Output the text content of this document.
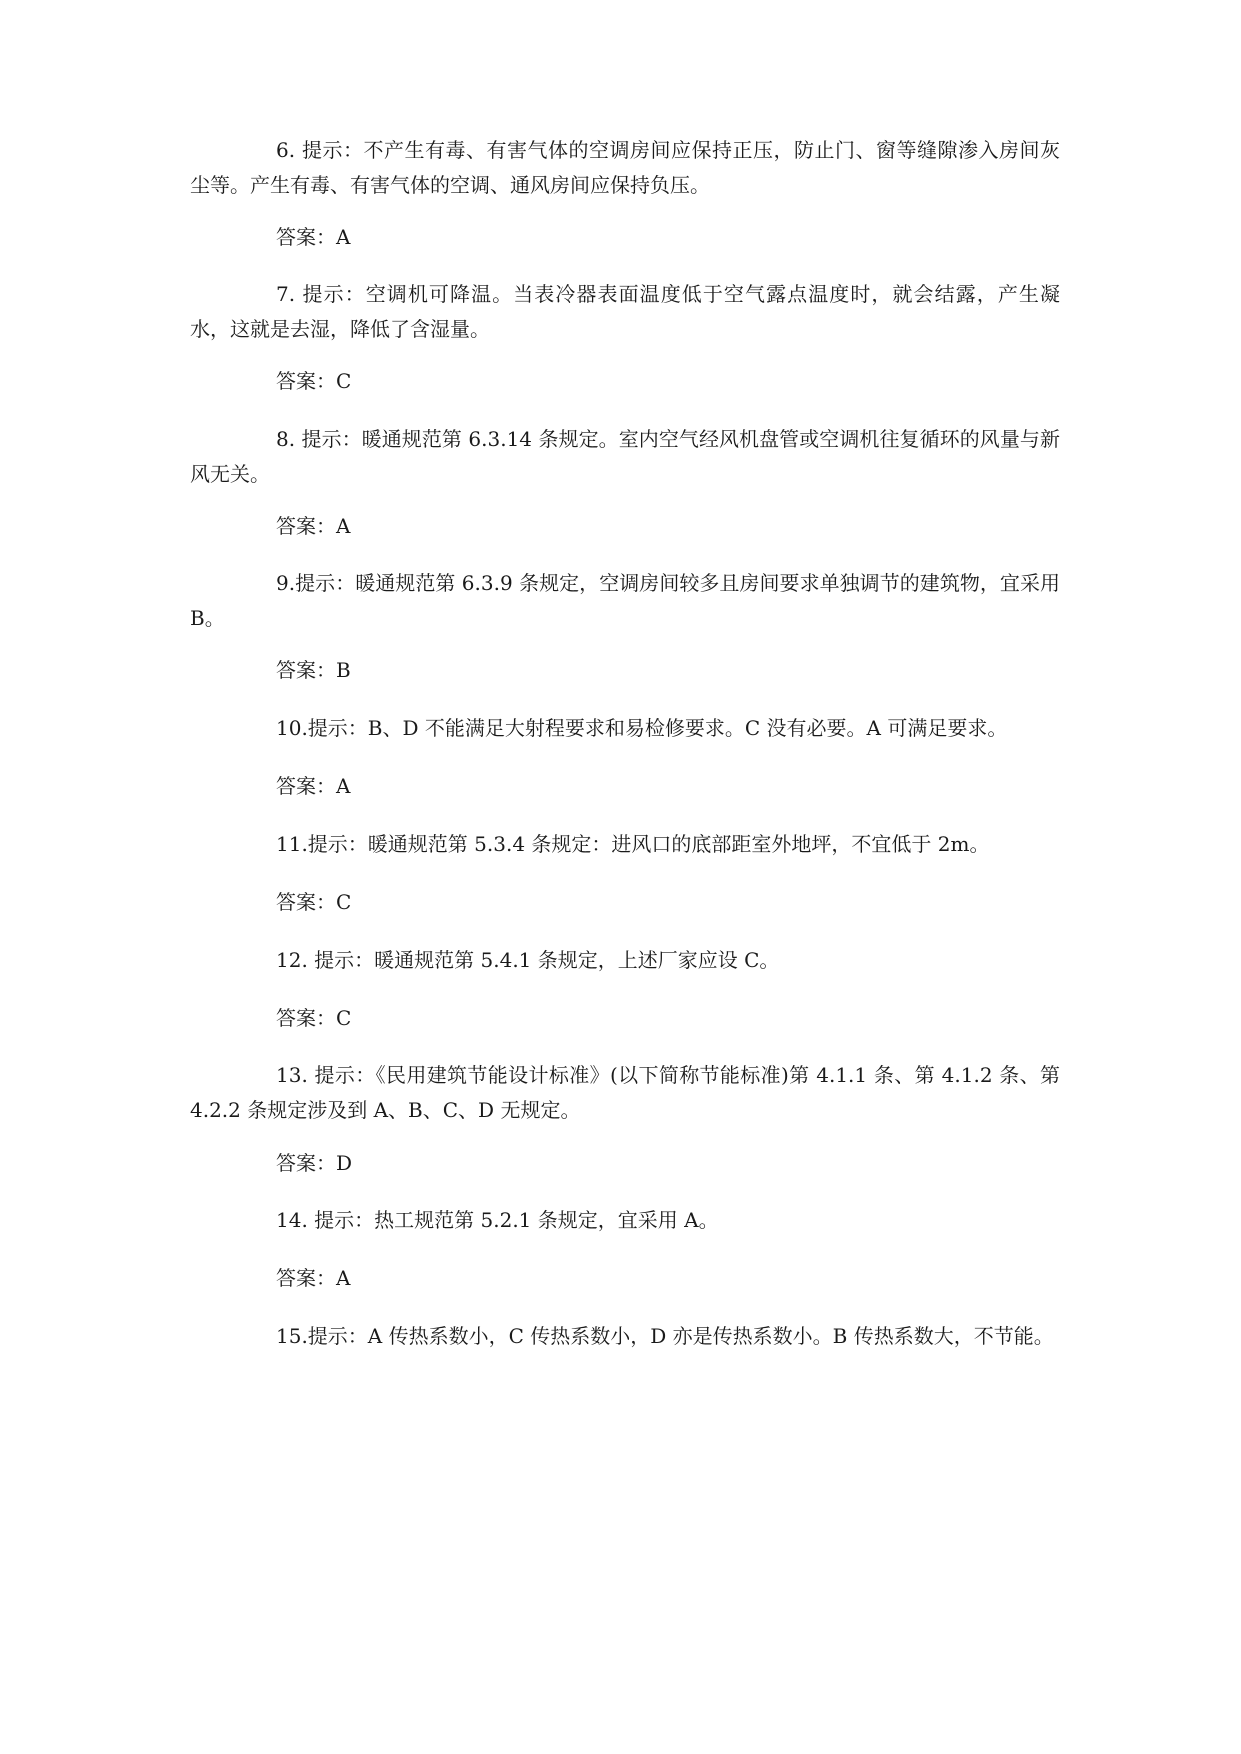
6. 提示：不产生有毒、有害气体的空调房间应保持正压，防止门、窗等缝隙渗入房间灰尘等。产生有毒、有害气体的空调、通风房间应保持负压。

答案：A

7. 提示：空调机可降温。当表冷器表面温度低于空气露点温度时，就会结露，产生凝水，这就是去湿，降低了含湿量。

答案：C

8. 提示：暖通规范第 6.3.14 条规定。室内空气经风机盘管或空调机往复循环的风量与新风无关。

答案：A

9.提示：暖通规范第 6.3.9 条规定，空调房间较多且房间要求单独调节的建筑物，宜采用 B。

答案：B

10.提示：B、D 不能满足大射程要求和易检修要求。C 没有必要。A 可满足要求。

答案：A

11.提示：暖通规范第 5.3.4 条规定：进风口的底部距室外地坪，不宜低于 2m。

答案：C

12. 提示：暖通规范第 5.4.1 条规定，上述厂家应设 C。

答案：C

13. 提示：《民用建筑节能设计标准》(以下简称节能标准)第 4.1.1 条、第 4.1.2 条、第 4.2.2 条规定涉及到 A、B、C、D 无规定。

答案：D

14. 提示：热工规范第 5.2.1 条规定，宜采用 A。

答案：A

15.提示：A 传热系数小，C 传热系数小，D 亦是传热系数小。B 传热系数大，不节能。
